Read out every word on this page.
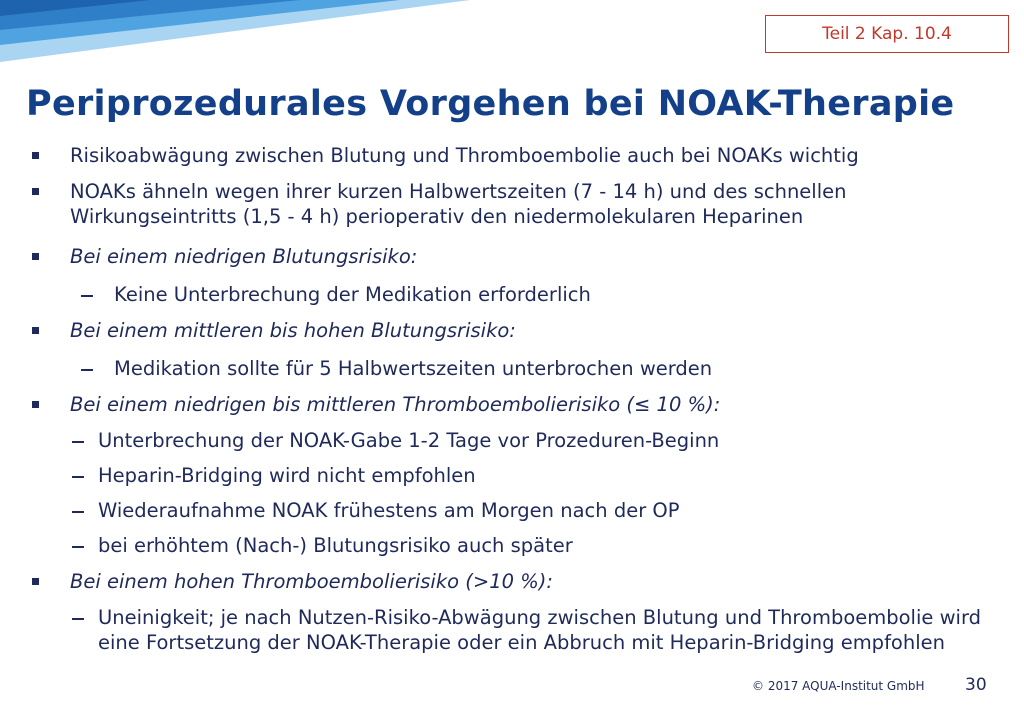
Teil 2 Kap. 10.4
Periprozedurales Vorgehen bei NOAK-Therapie
Risikoabwägung zwischen Blutung und Thromboembolie auch bei NOAKs wichtig
NOAKs ähneln wegen ihrer kurzen Halbwertszeiten (7 - 14 h) und des schnellen Wirkungseintritts (1,5 - 4 h) perioperativ den niedermolekularen Heparinen
Bei einem niedrigen Blutungsrisiko:
Keine Unterbrechung der Medikation erforderlich
Bei einem mittleren bis hohen Blutungsrisiko:
Medikation sollte für 5 Halbwertszeiten unterbrochen werden
Bei einem niedrigen bis mittleren Thromboembolierisiko (≤ 10 %):
Unterbrechung der NOAK-Gabe 1-2 Tage vor Prozeduren-Beginn
Heparin-Bridging wird nicht empfohlen
Wiederaufnahme NOAK frühestens am Morgen nach der OP
bei erhöhtem (Nach-) Blutungsrisiko auch später
Bei einem hohen Thromboembolierisiko (>10 %):
Uneinigkeit; je nach Nutzen-Risiko-Abwägung zwischen Blutung und Thromboembolie wird eine Fortsetzung der NOAK-Therapie oder ein Abbruch mit Heparin-Bridging empfohlen
© 2017 AQUA-Institut GmbH 30
